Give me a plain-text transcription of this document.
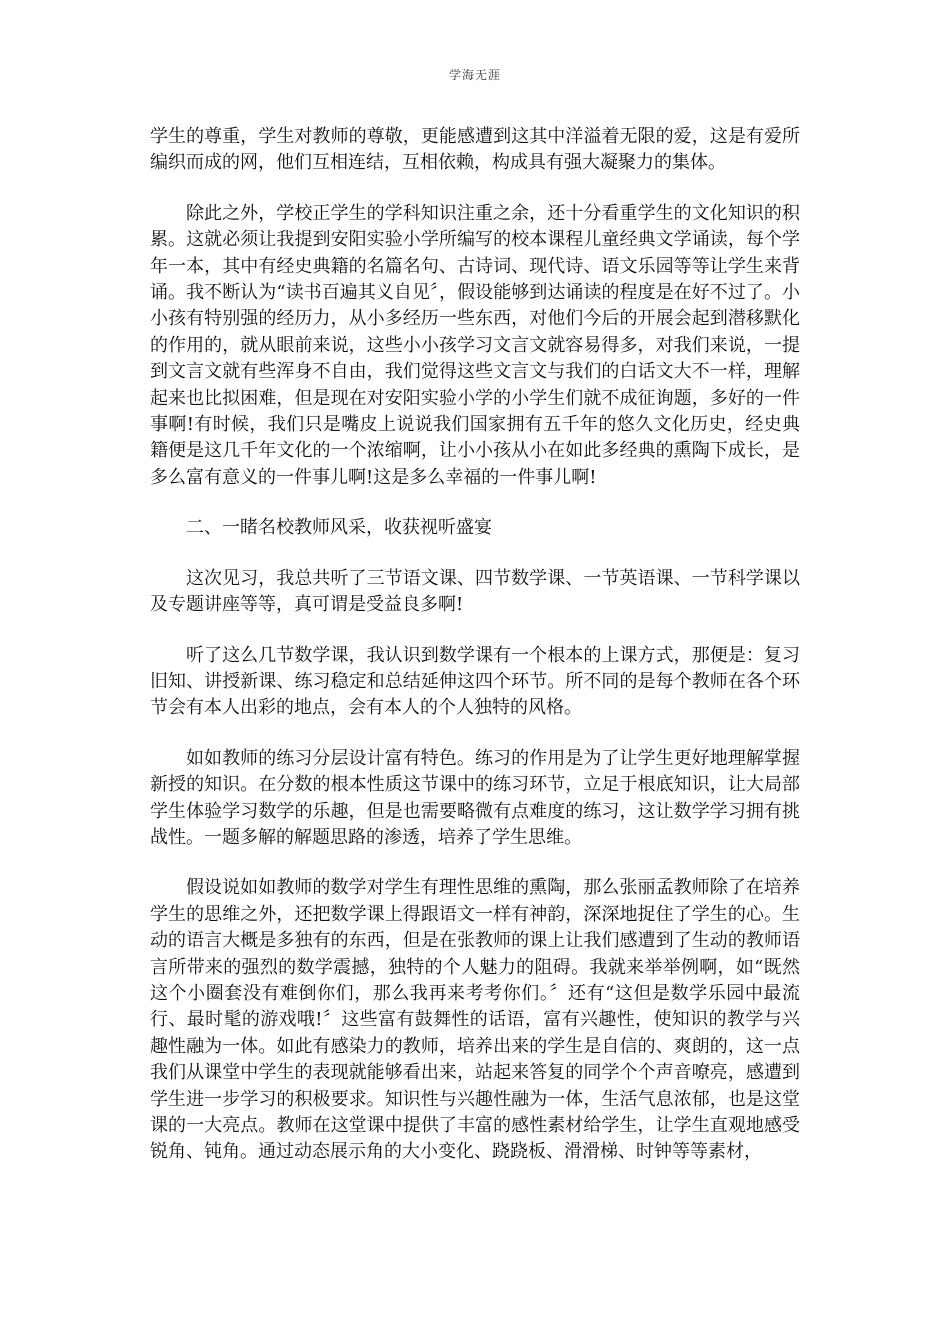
学海无涯

学生的尊重，学生对教师的尊敬，更能感遭到这其中洋溢着无限的爱，这是有爱所编织而成的网，他们互相连结，互相依赖，构成具有强大凝聚力的集体。

除此之外，学校正学生的学科知识注重之余，还十分看重学生的文化知识的积累。这就必须让我提到安阳实验小学所编写的校本课程儿童经典文学诵读，每个学年一本，其中有经史典籍的名篇名句、古诗词、现代诗、语文乐园等等让学生来背诵。我不断认为“读书百遍其义自见〞，假设能够到达诵读的程度是在好不过了。小小孩有特别强的经历力，从小多经历一些东西，对他们今后的开展会起到潜移默化的作用的，就从眼前来说，这些小小孩学习文言文就容易得多，对我们来说，一提到文言文就有些浑身不自由，我们觉得这些文言文与我们的白话文大不一样，理解起来也比拟困难，但是现在对安阳实验小学的小学生们就不成征询题，多好的一件事啊!有时候，我们只是嘴皮上说说我们国家拥有五千年的悠久文化历史，经史典籍便是这几千年文化的一个浓缩啊，让小小孩从小在如此多经典的熏陶下成长，是多么富有意义的一件事儿啊!这是多么幸福的一件事儿啊!

二、一睹名校教师风采，收获视听盛宴

这次见习，我总共听了三节语文课、四节数学课、一节英语课、一节科学课以及专题讲座等等，真可谓是受益良多啊!

听了这么几节数学课，我认识到数学课有一个根本的上课方式，那便是：复习旧知、讲授新课、练习稳定和总结延伸这四个环节。所不同的是每个教师在各个环节会有本人出彩的地点，会有本人的个人独特的风格。

如如教师的练习分层设计富有特色。练习的作用是为了让学生更好地理解掌握新授的知识。在分数的根本性质这节课中的练习环节，立足于根底知识，让大局部学生体验学习数学的乐趣，但是也需要略微有点难度的练习，这让数学学习拥有挑战性。一题多解的解题思路的渗透，培养了学生思维。

假设说如如教师的数学对学生有理性思维的熏陶，那么张丽孟教师除了在培养学生的思维之外，还把数学课上得跟语文一样有神韵，深深地捉住了学生的心。生动的语言大概是多独有的东西，但是在张教师的课上让我们感遭到了生动的教师语言所带来的强烈的数学震撼，独特的个人魅力的阻碍。我就来举举例啊，如“既然这个小圈套没有难倒你们，那么我再来考考你们。〞还有“这但是数学乐园中最流行、最时髦的游戏哦!〞这些富有鼓舞性的话语，富有兴趣性，使知识的教学与兴趣性融为一体。如此有感染力的教师，培养出来的学生是自信的、爽朗的，这一点我们从课堂中学生的表现就能够看出来，站起来答复的同学个个声音嘹亮，感遭到学生进一步学习的积极要求。知识性与兴趣性融为一体，生活气息浓郁，也是这堂课的一大亮点。教师在这堂课中提供了丰富的感性素材给学生，让学生直观地感受锐角、钝角。通过动态展示角的大小变化、跷跷板、滑滑梯、时钟等等素材，
